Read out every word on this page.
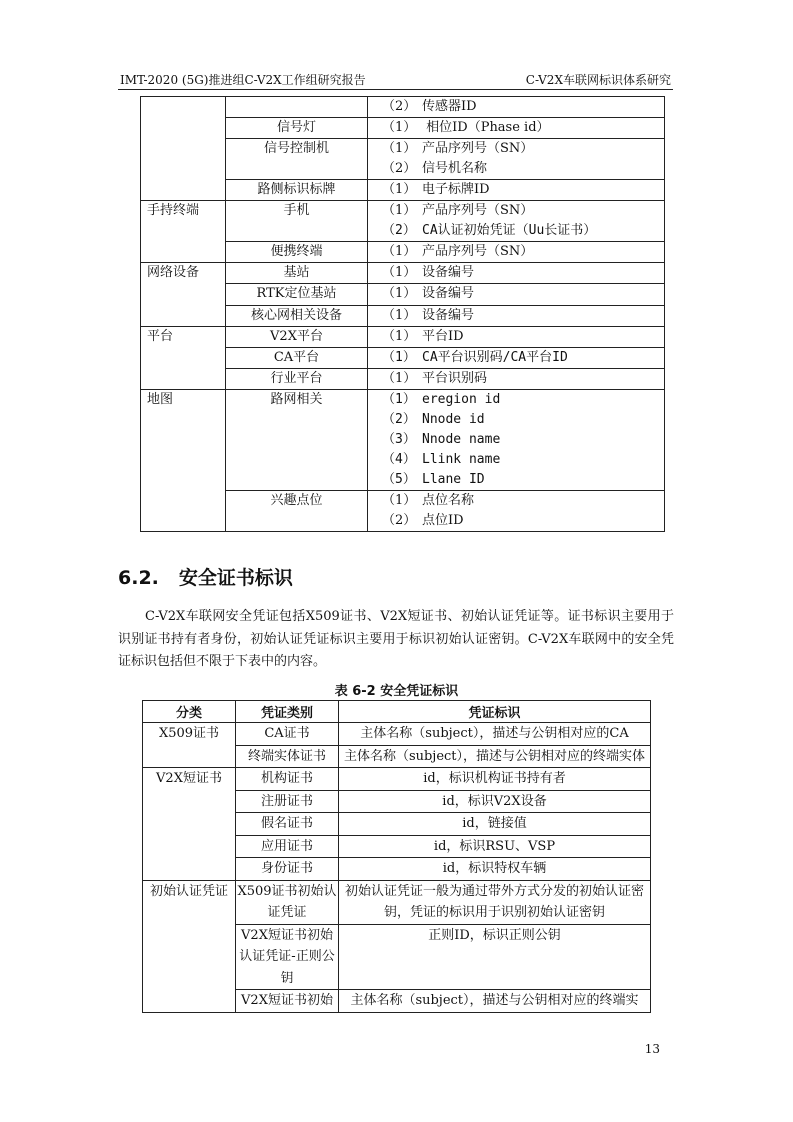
IMT-2020 (5G)推进组C-V2X工作组研究报告	C-V2X车联网标识体系研究

		（2） 传感器ID

	信号灯	（1） 相位ID（Phase id）

	信号控制机	（1） 产品序列号（SN）
（2） 信号机名称

	路侧标识标牌	（1） 电子标牌ID

手持终端	手机	（1） 产品序列号（SN）
（2） CA认证初始凭证（Uu长证书）

	便携终端	（1） 产品序列号（SN）

网络设备	基站	（1） 设备编号

	RTK定位基站	（1） 设备编号

	核心网相关设备	（1） 设备编号

平台	V2X平台	（1） 平台ID

	CA平台	（1） CA平台识别码/CA平台ID

	行业平台	（1） 平台识别码

地图	路网相关	（1） eregion id
（2） Nnode id
（3） Nnode name
（4） Llink name
（5） Llane ID

	兴趣点位	（1） 点位名称
（2） 点位ID
6.2. 安全证书标识
C-V2X车联网安全凭证包括X509证书、V2X短证书、初始认证凭证等。证书标识主要用于识别证书持有者身份，初始认证凭证标识主要用于标识初始认证密钥。C-V2X车联网中的安全凭证标识包括但不限于下表中的内容。
表 6-2 安全凭证标识
分类	凭证类别	凭证标识
X509证书	CA证书	主体名称（subject），描述与公钥相对应的CA
	终端实体证书	主体名称（subject），描述与公钥相对应的终端实体
V2X短证书	机构证书	id，标识机构证书持有者
	注册证书	id，标识V2X设备
	假名证书	id，链接值
	应用证书	id，标识RSU、VSP
	身份证书	id，标识特权车辆
初始认证凭证	X509证书初始认证凭证	初始认证凭证一般为通过带外方式分发的初始认证密钥，凭证的标识用于识别初始认证密钥
	V2X短证书初始认证凭证-正则公钥	正则ID，标识正则公钥
	V2X短证书初始	主体名称（subject），描述与公钥相对应的终端实
13
